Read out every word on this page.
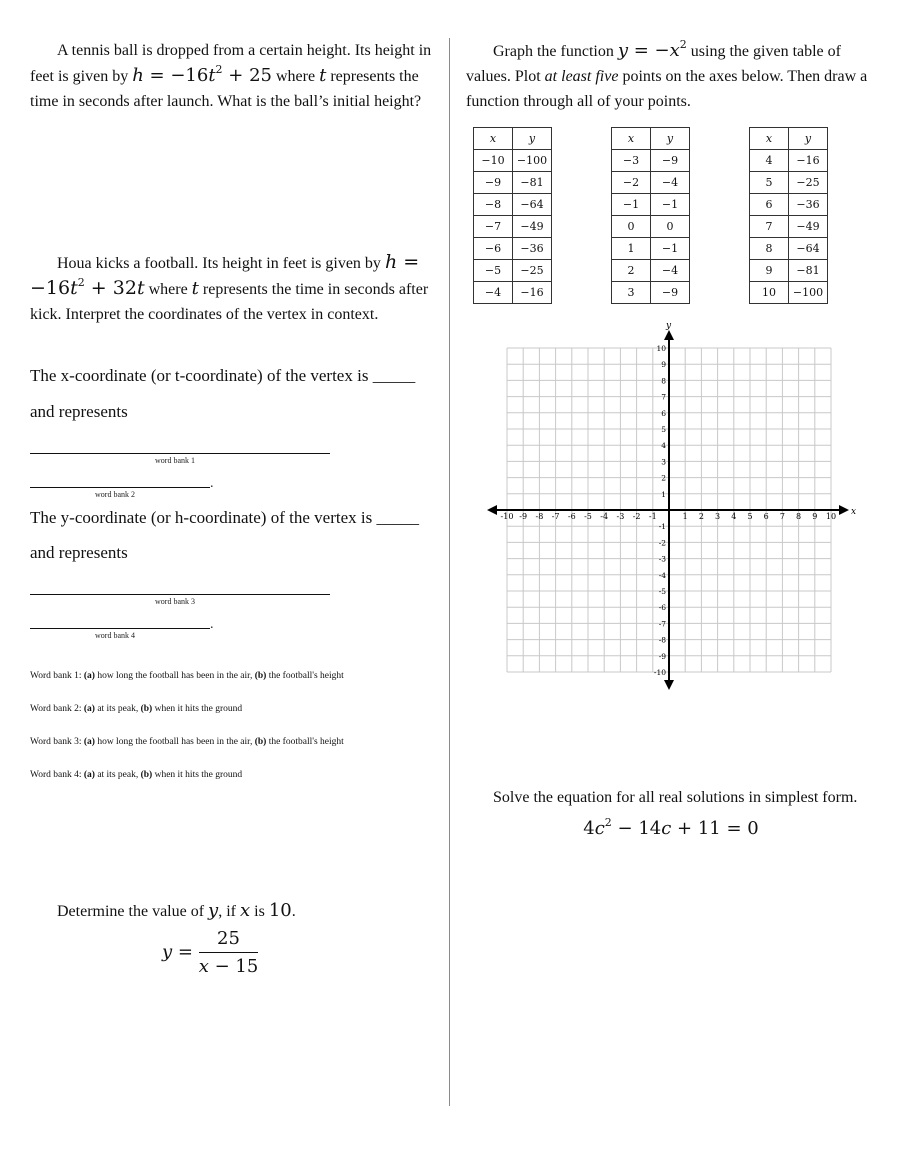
A tennis ball is dropped from a certain height. Its height in feet is given by $h = -16t^2 + 25$ where t represents the time in seconds after launch. What is the ball’s initial height?

Houa kicks a football. Its height in feet is given by $h = -16t^2 + 32t$ where t represents the time in seconds after kick. Interpret the coordinates of the vertex in context.

The x-coordinate (or t-coordinate) of the vertex is _____
and represents
word bank 1
.
word bank 2
The y-coordinate (or h-coordinate) of the vertex is _____
and represents
word bank 3
.
word bank 4
Word bank 1: (a) how long the football has been in the air, (b) the football's height
Word bank 2: (a) at its peak, (b) when it hits the ground
Word bank 3: (a) how long the football has been in the air, (b) the football's height
Word bank 4: (a) at its peak, (b) when it hits the ground

Determine the value of y, if x is 10.

$y = \frac{25}{x - 15}$

Graph the function $y = -x^2$ using the given table of values. Plot at least five points on the axes below. Then draw a function through all of your points.

x	y
−10	−100
−9	−81
−8	−64
−7	−49
−6	−36
−5	−25
−4	−16
x	y
−3	−9
−2	−4
−1	−1
0	0
1	−1
2	−4
3	−9
x	y
4	−16
5	−25
6	−36
7	−49
8	−64
9	−81
10	−100
x
y
-10 -9 -8 -7 -6 -5 -4 -3 -2 -1	1 2 3 4 5 6 7 8 9 10
10
9
8
7
6
5
4
3
2
1
-1
-2
-3
-4
-5
-6
-7
-8
-9
-10

Solve the equation for all real solutions in simplest form.

$4c^2 - 14c + 11 = 0$
